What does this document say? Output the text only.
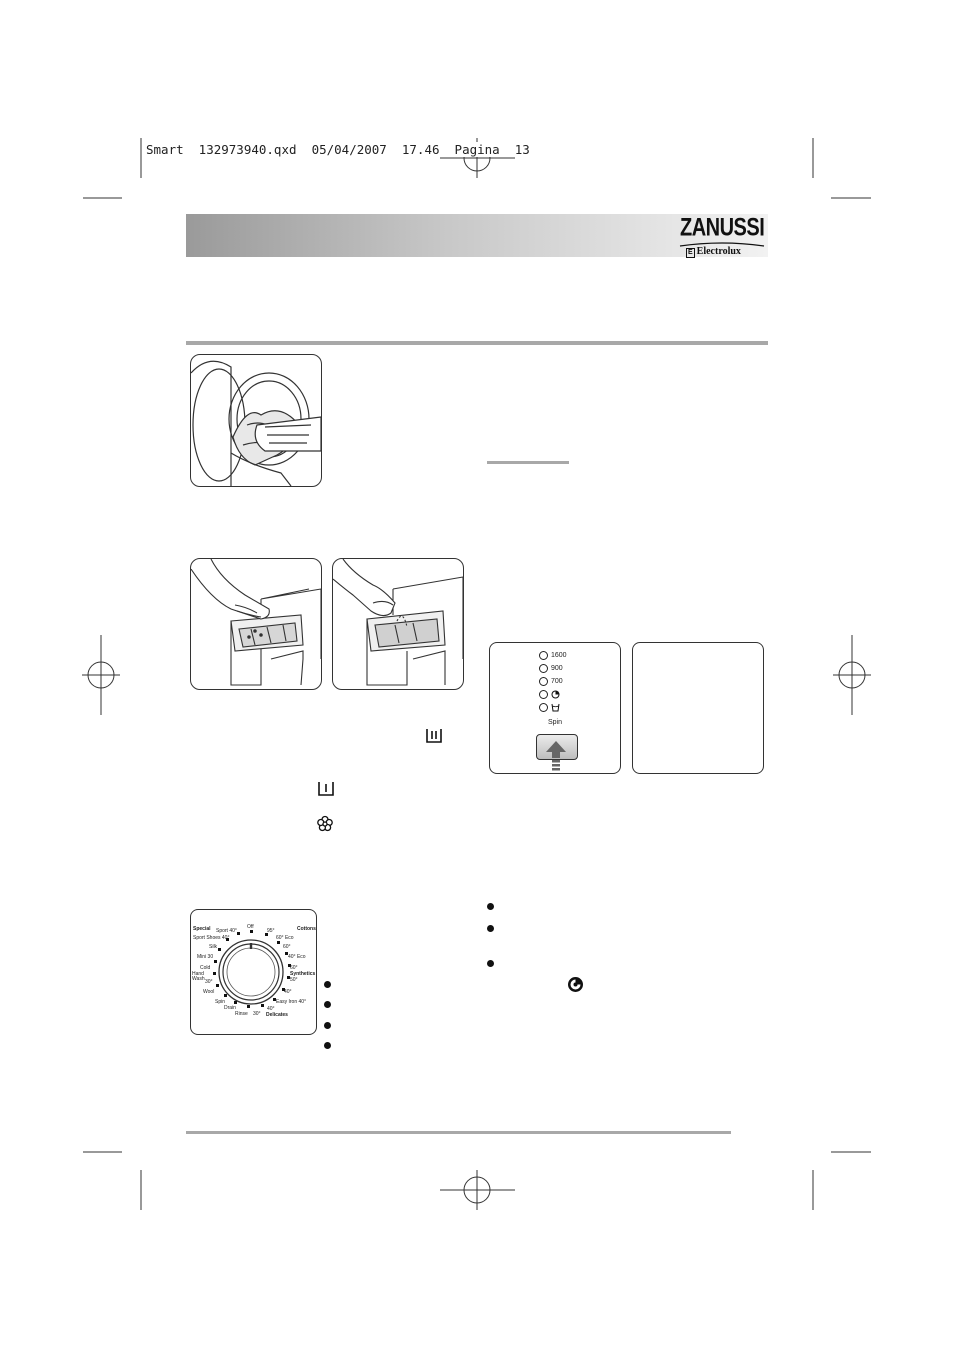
Smart  132973940.qxd  05/04/2007  17.46  Pagina  13
ZANUSSI
E Electrolux
Special Sport 40°
Off
95°	Cottons
Sport Shoes 40°	60° Eco
Silk	60°
Mini 30	40° Eco
Cold	60°
Hand	Synthetics
Wash 30°	50°
Wool	40°
Spin	Easy Iron 40°
Drain	40°
Rinse 30° Delicates
1600
900
700
Spin
